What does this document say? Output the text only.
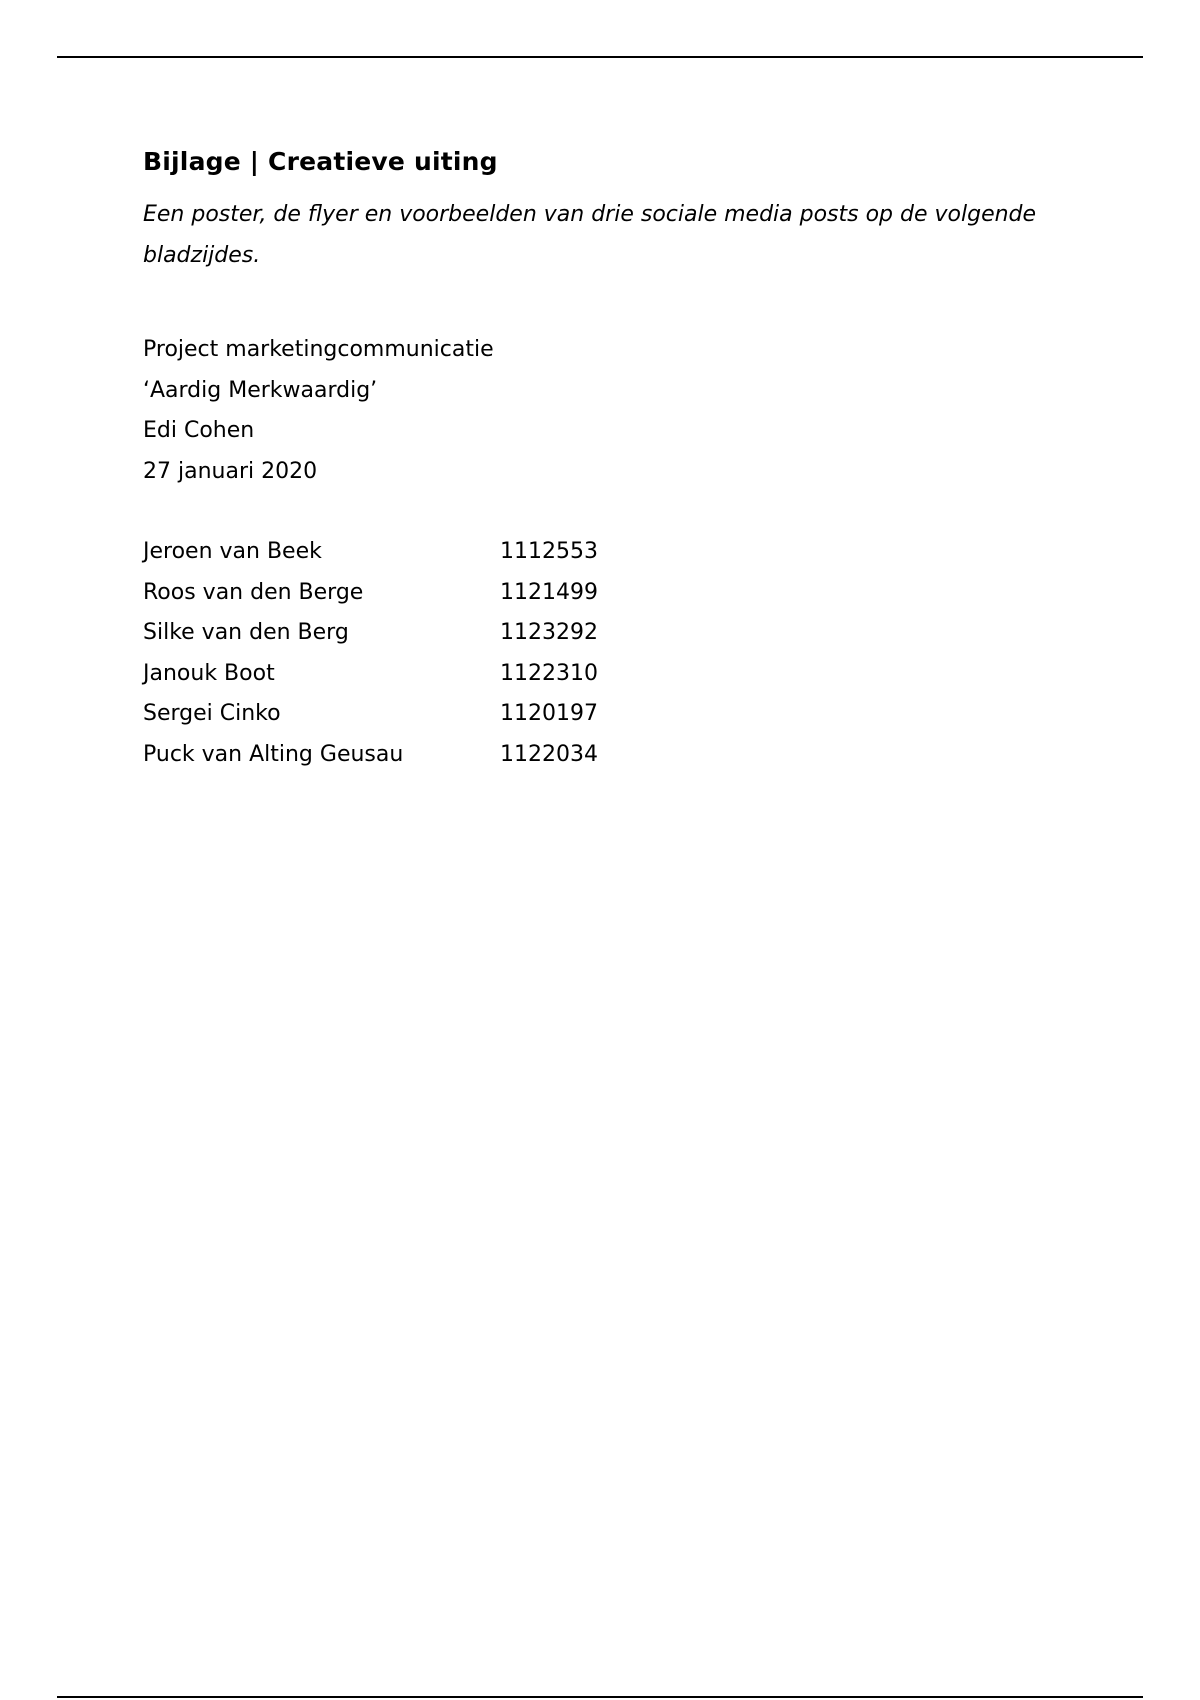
Bijlage | Creatieve uiting

Een poster, de flyer en voorbeelden van drie sociale media posts op de volgende bladzijdes.

Project marketingcommunicatie

‘Aardig Merkwaardig’

Edi Cohen

27 januari 2020

Jeroen van Beek	1112553
Roos van den Berge	1121499
Silke van den Berg	1123292
Janouk Boot	1122310
Sergei Cinko	1120197
Puck van Alting Geusau	1122034
